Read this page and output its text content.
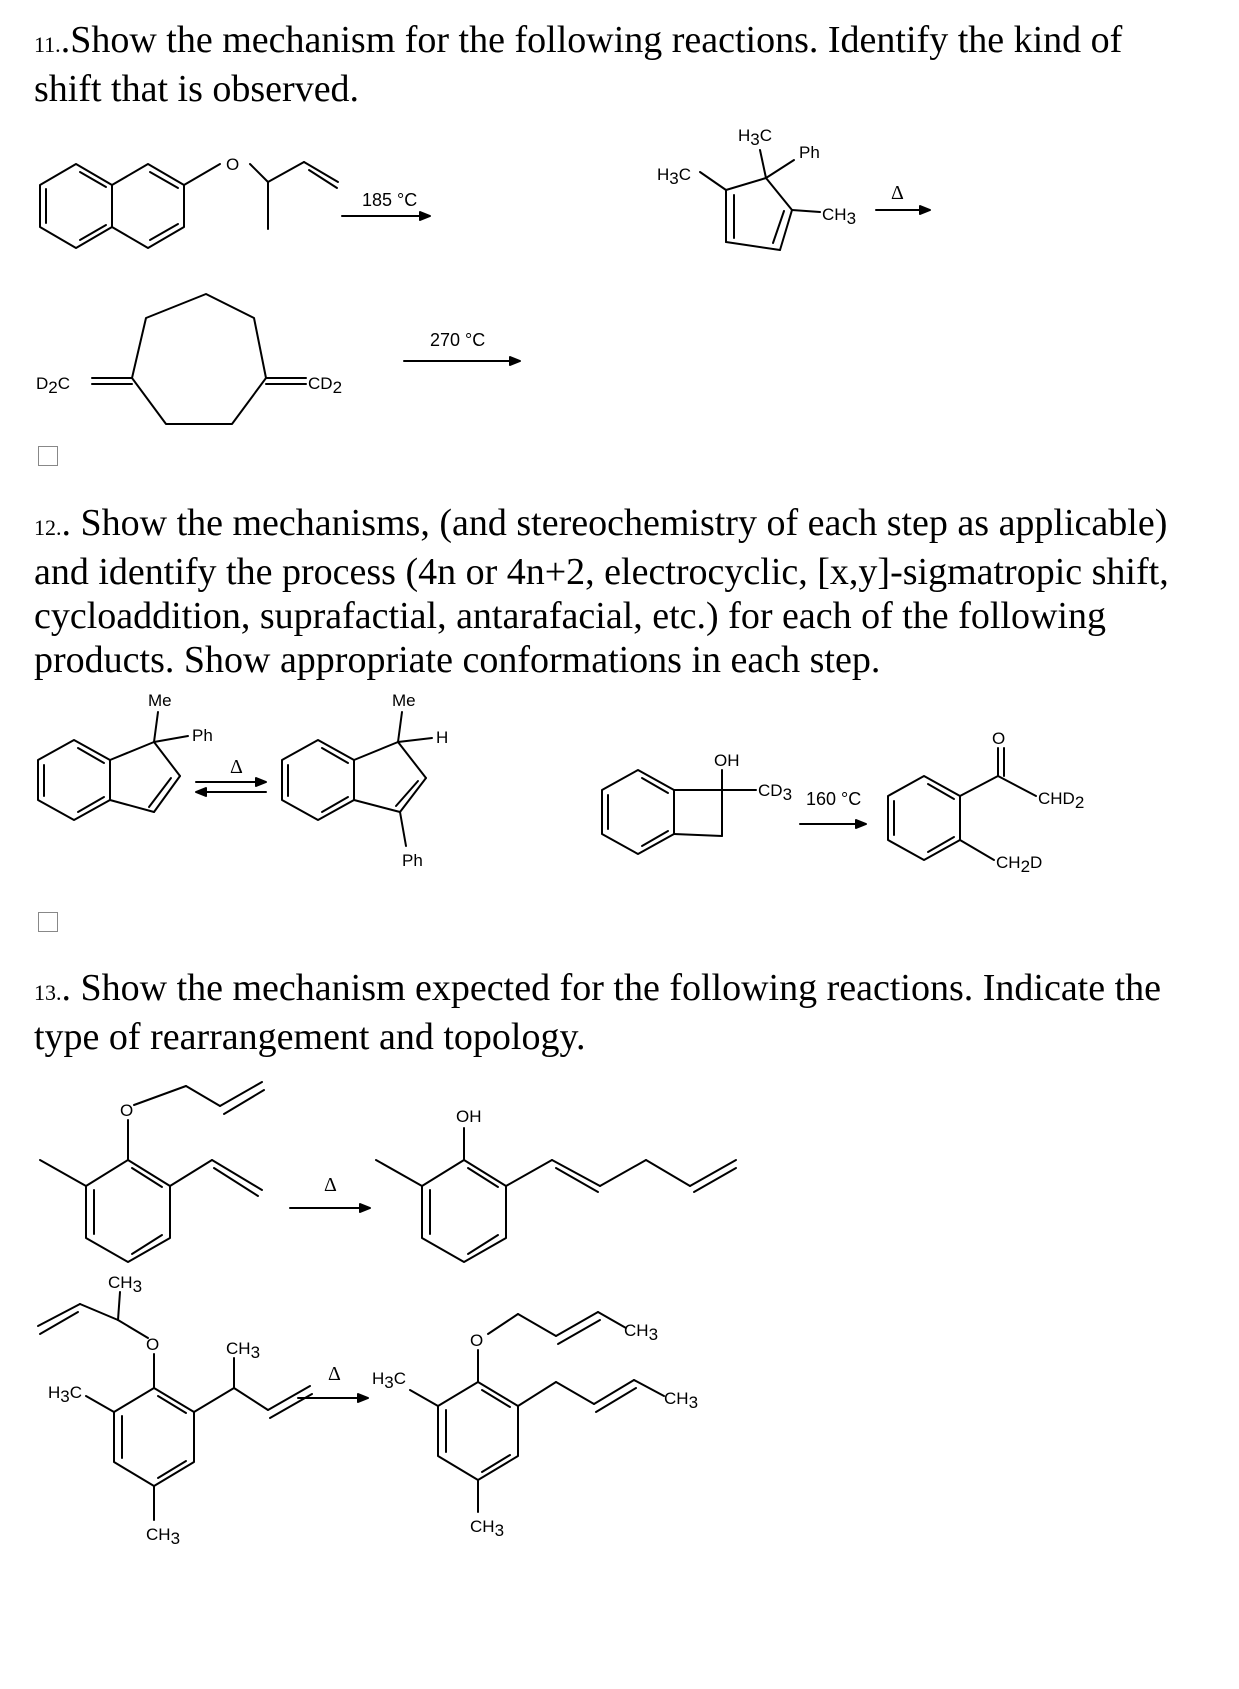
11..Show the mechanism for the following reactions. Identify the kind of
shift that is observed.
12.. Show the mechanisms, (and stereochemistry of each step as applicable)
and identify the process (4n or 4n+2, electrocyclic, [x,y]-sigmatropic shift,
cycloaddition, suprafactial, antarafacial, etc.) for each of the following
products. Show appropriate conformations in each step.
13.. Show the mechanism expected for the following reactions. Indicate the
type of rearrangement and topology.
O
185 °C
H3C
Ph
H3C
CH3
Δ
D2C	CD2
270 °C
Me
Ph
Δ
Me
H
Ph
OH
CD3 160 °C
O
CHD2
CH2D
O
Δ
OH
CH3
O
H3C
CH3
CH3
Δ
O
CH3
H3C
CH3
CH3
